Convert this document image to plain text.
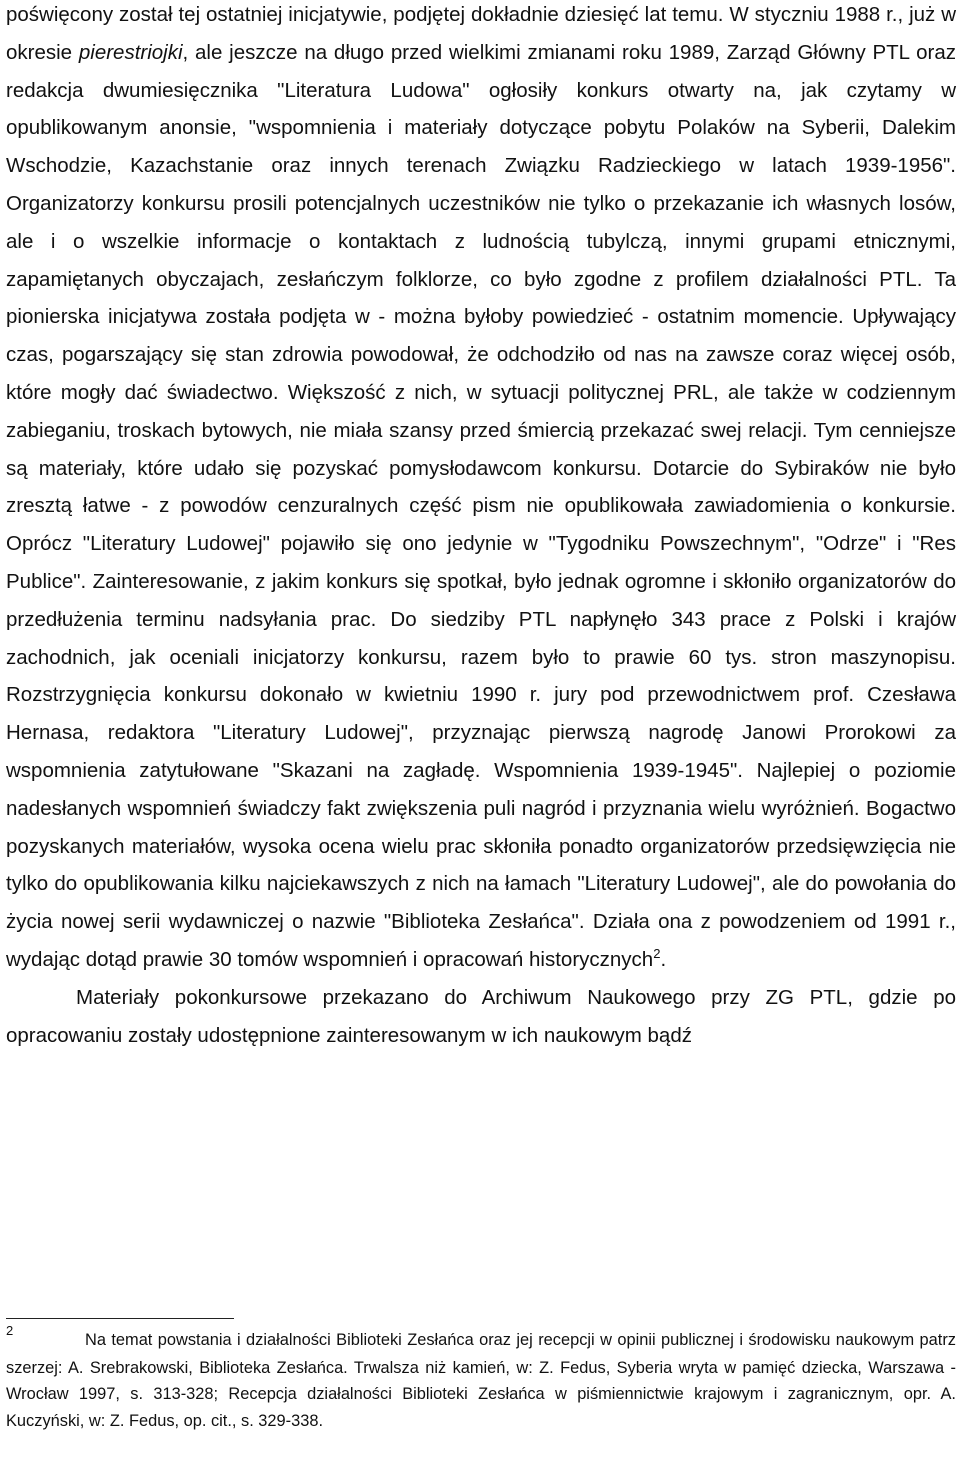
poświęcony został tej ostatniej inicjatywie, podjętej dokładnie dziesięć lat temu. W styczniu 1988 r., już w okresie pierestriojki, ale jeszcze na długo przed wielkimi zmianami roku 1989, Zarząd Główny PTL oraz redakcja dwumiesięcznika "Literatura Ludowa" ogłosiły konkurs otwarty na, jak czytamy w opublikowanym anonsie, "wspomnienia i materiały dotyczące pobytu Polaków na Syberii, Dalekim Wschodzie, Kazachstanie oraz innych terenach Związku Radzieckiego w latach 1939-1956". Organizatorzy konkursu prosili potencjalnych uczestników nie tylko o przekazanie ich własnych losów, ale i o wszelkie informacje o kontaktach z ludnością tubylczą, innymi grupami etnicznymi, zapamiętanych obyczajach, zesłańczym folklorze, co było zgodne z profilem działalności PTL. Ta pionierska inicjatywa została podjęta w - można byłoby powiedzieć - ostatnim momencie. Upływający czas, pogarszający się stan zdrowia powodował, że odchodziło od nas na zawsze coraz więcej osób, które mogły dać świadectwo. Większość z nich, w sytuacji politycznej PRL, ale także w codziennym zabieganiu, troskach bytowych, nie miała szansy przed śmiercią przekazać swej relacji. Tym cenniejsze są materiały, które udało się pozyskać pomysłodawcom konkursu. Dotarcie do Sybiraków nie było zresztą łatwe - z powodów cenzuralnych część pism nie opublikowała zawiadomienia o konkursie. Oprócz "Literatury Ludowej" pojawiło się ono jedynie w "Tygodniku Powszechnym", "Odrze" i "Res Publice". Zainteresowanie, z jakim konkurs się spotkał, było jednak ogromne i skłoniło organizatorów do przedłużenia terminu nadsyłania prac. Do siedziby PTL napłynęło 343 prace z Polski i krajów zachodnich, jak oceniali inicjatorzy konkursu, razem było to prawie 60 tys. stron maszynopisu. Rozstrzygnięcia konkursu dokonało w kwietniu 1990 r. jury pod przewodnictwem prof. Czesława Hernasa, redaktora "Literatury Ludowej", przyznając pierwszą nagrodę Janowi Prorokowi za wspomnienia zatytułowane "Skazani na zagładę. Wspomnienia 1939-1945". Najlepiej o poziomie nadesłanych wspomnień świadczy fakt zwiększenia puli nagród i przyznania wielu wyróżnień. Bogactwo pozyskanych materiałów, wysoka ocena wielu prac skłoniła ponadto organizatorów przedsięwzięcia nie tylko do opublikowania kilku najciekawszych z nich na łamach "Literatury Ludowej", ale do powołania do życia nowej serii wydawniczej o nazwie "Biblioteka Zesłańca". Działa ona z powodzeniem od 1991 r., wydając dotąd prawie 30 tomów wspomnień i opracowań historycznych$^2$.

Materiały pokonkursowe przekazano do Archiwum Naukowego przy ZG PTL, gdzie po opracowaniu zostały udostępnione zainteresowanym w ich naukowym bądź

2Na temat powstania i działalności Biblioteki Zesłańca oraz jej recepcji w opinii publicznej i środowisku naukowym patrz szerzej: A. Srebrakowski, Biblioteka Zesłańca. Trwalsza niż kamień, w: Z. Fedus, Syberia wryta w pamięć dziecka, Warszawa - Wrocław 1997, s. 313-328; Recepcja działalności Biblioteki Zesłańca w piśmiennictwie krajowym i zagranicznym, opr. A. Kuczyński, w: Z. Fedus, op. cit., s. 329-338.
